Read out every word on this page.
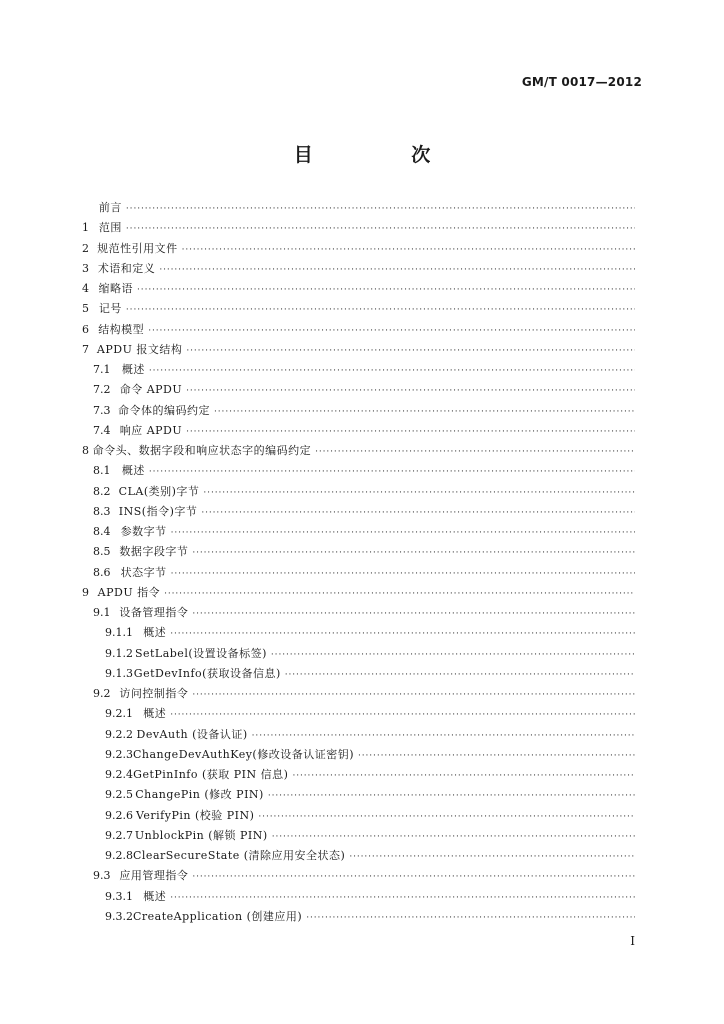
GM/T 0017—2012
目 次
前言
·····
1 范围
·····
2 规范性引用文件
·····
3 术语和定义
·····
4 缩略语
·····
5 记号
·····
6 结构模型
·····
7 APDU 报文结构
·····
7.1	概述
·····
7.2 命令 APDU
·····
7.3 命令体的编码约定
·····
7.4 响应 APDU
·····
8 命令头、数据字段和响应状态字的编码约定
·····
8.1	概述
·····
8.2 CLA(类别)字节
·····
8.3 INS(指令)字节
·····
8.4 参数字节
·····
8.5 数据字段字节
·····
8.6 状态字节
·····
9 APDU 指令
·····
9.1 设备管理指令
·····
9.1.1 概述
·····
9.1.2 SetLabel(设置设备标签)
·····
9.1.3 GetDevInfo(获取设备信息)
·····
9.2 访问控制指令
·····
9.2.1 概述
·····
9.2.2 DevAuth (设备认证)
·····
9.2.3 ChangeDevAuthKey(修改设备认证密钥)
·····
9.2.4 GetPinInfo (获取 PIN 信息)
·····
9.2.5 ChangePin (修改 PIN)
·····
9.2.6 VerifyPin (校验 PIN)
·····
9.2.7 UnblockPin (解锁 PIN)
·····
9.2.8 ClearSecureState (清除应用安全状态)
·····
9.3 应用管理指令
·····
9.3.1 概述
·····
9.3.2 CreateApplication (创建应用)
·····
I
